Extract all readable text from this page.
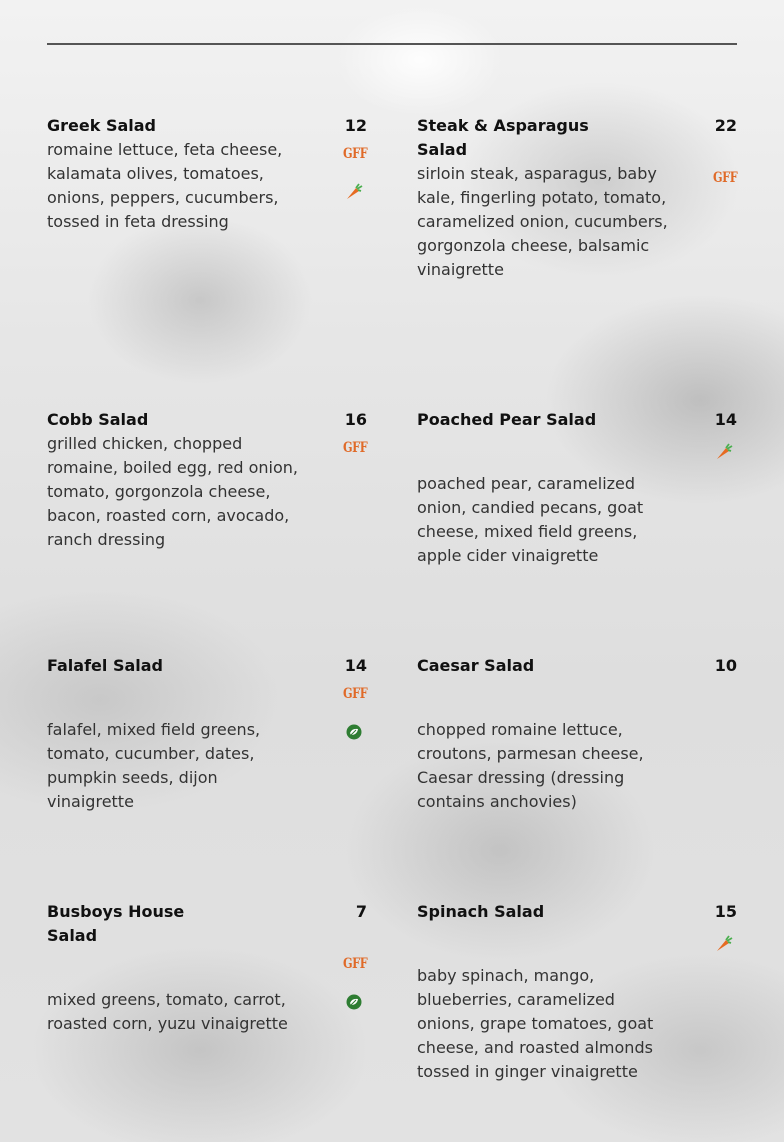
Greek Salad	12
romaine lettuce, feta cheese, kalamata olives, tomatoes, onions, peppers, cucumbers, tossed in feta dressing
GFF
Steak & Asparagus Salad
22
sirloin steak, asparagus, baby kale, fingerling potato, tomato, caramelized onion, cucumbers, gorgonzola cheese, balsamic vinaigrette
GFF
Cobb Salad	16
grilled chicken, chopped romaine, boiled egg, red onion, tomato, gorgonzola cheese, bacon, roasted corn, avocado, ranch dressing
GFF
Poached Pear Salad	14
poached pear, caramelized onion, candied pecans, goat cheese, mixed field greens, apple cider vinaigrette
Falafel Salad	14
GFF
falafel, mixed field greens, tomato, cucumber, dates, pumpkin seeds, dijon vinaigrette
Caesar Salad	10
chopped romaine lettuce, croutons, parmesan cheese, Caesar dressing (dressing contains anchovies)
Busboys House Salad
7
GFF
mixed greens, tomato, carrot, roasted corn, yuzu vinaigrette
Spinach Salad	15
baby spinach, mango, blueberries, caramelized onions, grape tomatoes, goat cheese, and roasted almonds tossed in ginger vinaigrette
